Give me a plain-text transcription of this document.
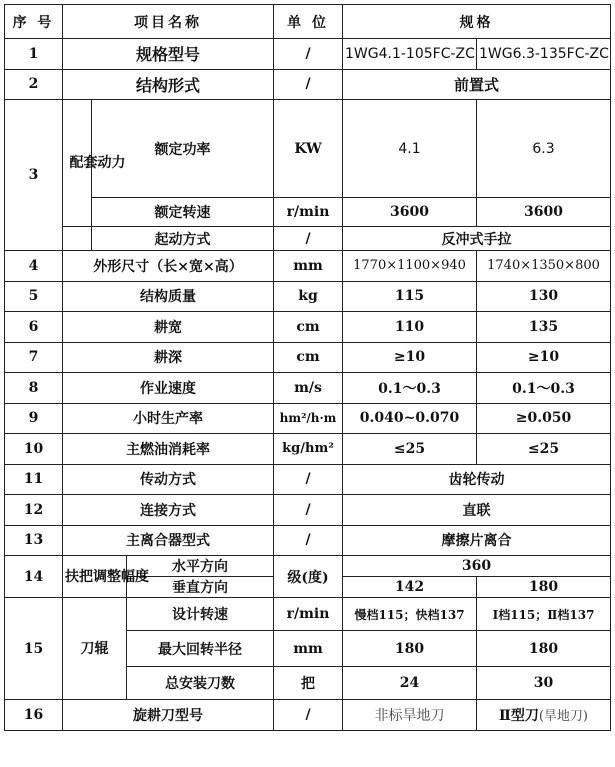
序 号	项目名称			单 位	规格	
1	规格型号			/	1WG4.1-105FC-ZC	1WG6.3-135FC-ZC
2	结构形式			/	前置式	
3	配套动力	额定功率		KW	4.1	6.3
		额定转速		r/min	3600	3600
		起动方式		/	反冲式手拉	
4	外形尺寸（长×宽×高）			mm	1770×1100×940	1740×1350×800
5	结构质量			kg	115	130
6	耕宽			cm	110	135
7	耕深			cm	≥10	≥10
8	作业速度			m/s	0.1～0.3	0.1～0.3
9	小时生产率			hm²/h·m	0.040~0.070	≥0.050
10	主燃油消耗率			kg/hm²	≤25	≤25
11	传动方式			/	齿轮传动	
12	连接方式			/	直联	
13	主离合器型式			/	摩擦片离合	
14	扶把调整幅度		水平方向	级(度)	360	
			垂直方向		142	180
15	刀辊		设计转速	r/min	慢档115；快档137	Ⅰ档115；Ⅱ档137
			最大回转半径	mm	180	180
			总安装刀数	把	24	30
16	旋耕刀型号			/	非标旱地刀	Ⅱ型刀(旱地刀)
